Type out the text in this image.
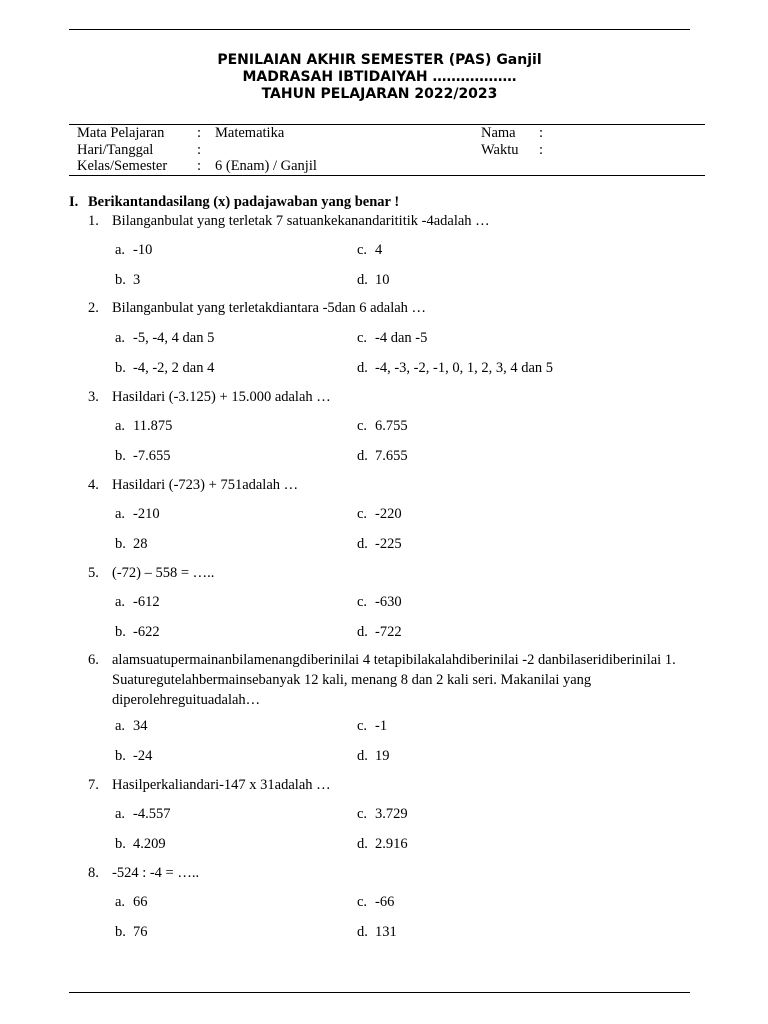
PENILAIAN AKHIR SEMESTER (PAS) Ganjil
MADRASAH IBTIDAIYAH ………………
TAHUN PELAJARAN 2022/2023
Mata Pelajaran : Matematika	Nama :
Hari/Tanggal	:	Waktu :
Kelas/Semester : 6 (Enam) / Ganjil
I. Berikantandasilang (x) padajawaban yang benar !
1. Bilanganbulat yang terletak 7 satuankekanandarititik -4adalah …
a. -10
b. 3
c. 4
d. 10
2. Bilanganbulat yang terletakdiantara -5dan 6 adalah …
a. -5, -4, 4 dan 5
b. -4, -2, 2 dan 4
c. -4 dan -5
d. -4, -3, -2, -1, 0, 1, 2, 3, 4 dan 5
3. Hasildari (-3.125) + 15.000 adalah …
a. 11.875
b. -7.655
c. 6.755
d. 7.655
4. Hasildari (-723) + 751adalah …
a. -210
b. 28
c. -220
d. -225
5. (-72) – 558 = …..
a. -612
b. -622
c. -630
d. -722
6. alamsuatupermainanbilamenangdiberinilai 4 tetapibilakalahdiberinilai -2 danbilaseridiberinilai 1. Suaturegutelahbermainsebanyak 12 kali, menang 8 dan 2 kali seri. Makanilai yang diperolehreguituadalah…
a. 34
b. -24
c. -1
d. 19
7. Hasilperkaliandari-147 x 31adalah …
a. -4.557
b. 4.209
c. 3.729
d. 2.916
8. -524 : -4 = …..
a. 66
b. 76
c. -66
d. 131
